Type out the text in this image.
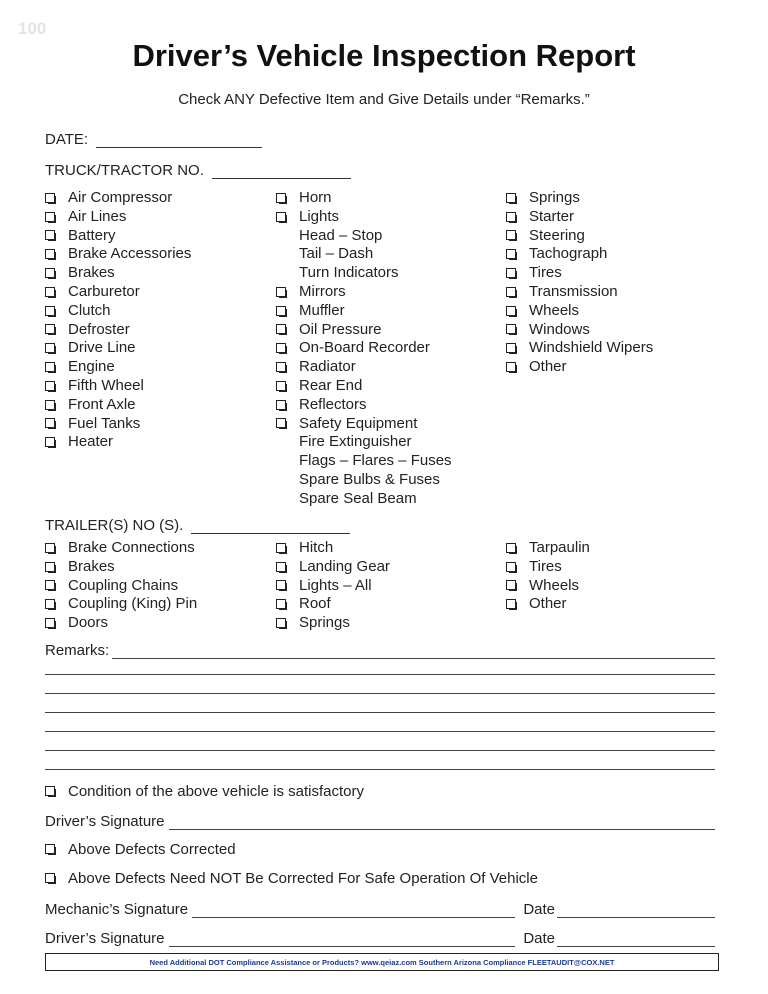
100
Driver’s Vehicle Inspection Report
Check ANY Defective Item and Give Details under “Remarks.”
DATE:
TRUCK/TRACTOR NO.
Air Compressor
Air Lines
Battery
Brake Accessories
Brakes
Carburetor
Clutch
Defroster
Drive Line
Engine
Fifth Wheel
Front Axle
Fuel Tanks
Heater
Horn
Lights
Head – Stop
Tail – Dash
Turn Indicators
Mirrors
Muffler
Oil Pressure
On-Board Recorder
Radiator
Rear End
Reflectors
Safety Equipment
Fire Extinguisher
Flags – Flares – Fuses
Spare Bulbs & Fuses
Spare Seal Beam
Springs
Starter
Steering
Tachograph
Tires
Transmission
Wheels
Windows
Windshield Wipers
Other
TRAILER(S) NO (S).
Brake Connections
Brakes
Coupling Chains
Coupling (King) Pin
Doors
Hitch
Landing Gear
Lights – All
Roof
Springs
Tarpaulin
Tires
Wheels
Other
Remarks:
Condition of the above vehicle is satisfactory
Driver’s Signature
Above Defects Corrected
Above Defects Need NOT Be Corrected For Safe Operation Of Vehicle
Mechanic’s Signature	Date
Driver’s Signature	Date
Need Additional DOT Compliance Assistance or Products? www.qeiaz.com Southern Arizona Compliance FLEETAUDIT@COX.NET
